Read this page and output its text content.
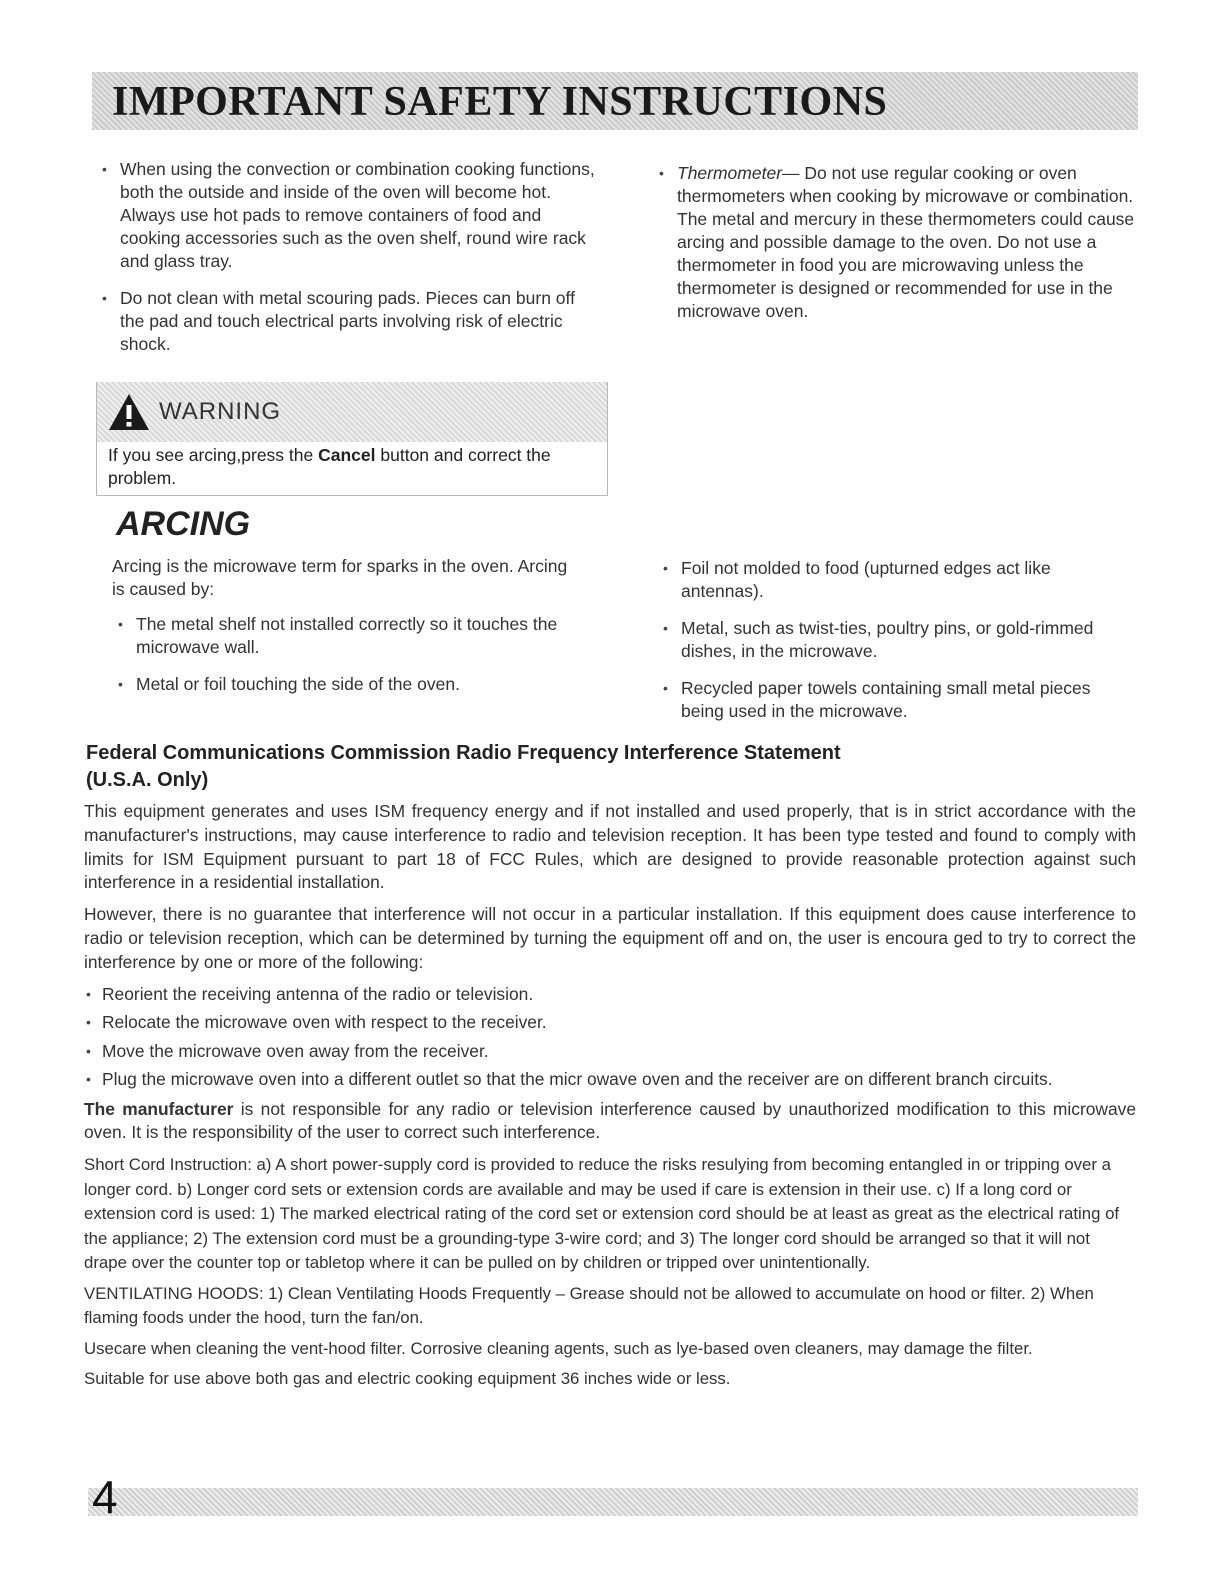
IMPORTANT SAFETY INSTRUCTIONS
• When using the convection or combination cooking functions, both the outside and inside of the oven will become hot. Always use hot pads to remove containers of food and cooking accessories such as the oven shelf, round wire rack and glass tray.
• Do not clean with metal scouring pads. Pieces can burn off the pad and touch electrical parts involving risk of electric shock.
• Thermometer— Do not use regular cooking or oven thermometers when cooking by microwave or combination. The metal and mercury in these thermometers could cause arcing and possible damage to the oven. Do not use a thermometer in food you are microwaving unless the thermometer is designed or recommended for use in the microwave oven.
WARNING
If you see arcing,press the Cancel button and correct the problem.
ARCING
Arcing is the microwave term for sparks in the oven. Arcing is caused by:
• The metal shelf not installed correctly so it touches the microwave wall.
• Metal or foil touching the side of the oven.
• Foil not molded to food (upturned edges act like antennas).
• Metal, such as twist-ties, poultry pins, or gold-rimmed dishes, in the microwave.
• Recycled paper towels containing small metal pieces being used in the microwave.
Federal Communications Commission Radio Frequency Interference Statement
(U.S.A. Only)

This equipment generates and uses ISM frequency energy and if not installed and used properly, that is in strict accordance with the manufacturer's instructions, may cause interference to radio and television reception. It has been type tested and found to comply with limits for ISM Equipment pursuant to part 18 of FCC Rules, which are designed to provide reasonable protection against such interference in a residential installation.

However, there is no guarantee that interference will not occur in a particular installation. If this equipment does cause interference to radio or television reception, which can be determined by turning the equipment off and on, the user is encoura ged to try to correct the interference by one or more of the following:

• Reorient the receiving antenna of the radio or television.
• Relocate the microwave oven with respect to the receiver.
• Move the microwave oven away from the receiver.
• Plug the microwave oven into a different outlet so that the micr owave oven and the receiver are on different branch circuits.

The manufacturer is not responsible for any radio or television interference caused by unauthorized modification to this microwave oven. It is the responsibility of the user to correct such interference.

Short Cord Instruction: a) A short power-supply cord is provided to reduce the risks resulying from becoming entangled in or tripping over a longer cord. b) Longer cord sets or extension cords are available and may be used if care is extension in their use. c) If a long cord or extension cord is used: 1) The marked electrical rating of the cord set or extension cord should be at least as great as the electrical rating of the appliance; 2) The extension cord must be a grounding-type 3-wire cord; and 3) The longer cord should be arranged so that it will not drape over the counter top or tabletop where it can be pulled on by children or tripped over unintentionally.

VENTILATING HOODS: 1) Clean Ventilating Hoods Frequently – Grease should not be allowed to accumulate on hood or filter. 2) When flaming foods under the hood, turn the fan/on.

Usecare when cleaning the vent-hood filter. Corrosive cleaning agents, such as lye-based oven cleaners, may damage the filter.

Suitable for use above both gas and electric cooking equipment 36 inches wide or less.

4
